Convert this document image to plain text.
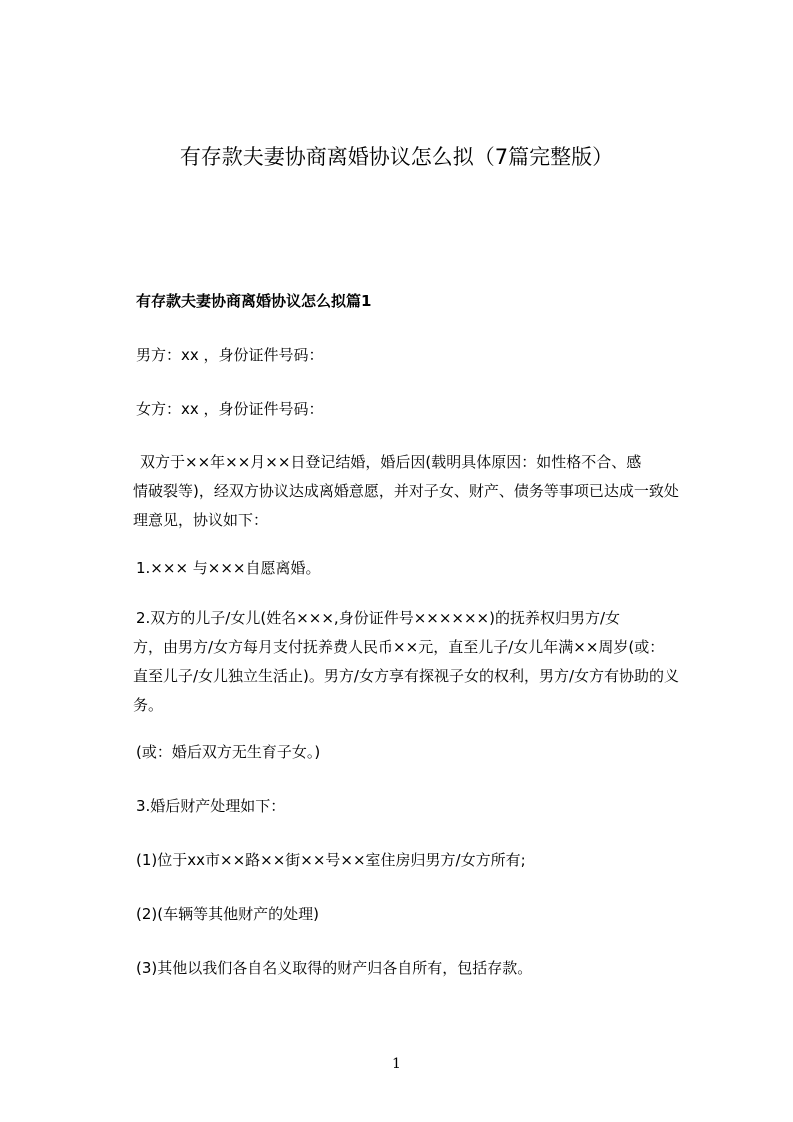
有存款夫妻协商离婚协议怎么拟（7篇完整版）
有存款夫妻协商离婚协议怎么拟篇1
男方：xx ，身份证件号码：
女方：xx ，身份证件号码：
双方于××年××月××日登记结婚，婚后因(载明具体原因：如性格不合、感
情破裂等)，经双方协议达成离婚意愿，并对子女、财产、债务等事项已达成一致处
理意见，协议如下：
1.××× 与×××自愿离婚。
2.双方的儿子/女儿(姓名×××,身份证件号××××××)的抚养权归男方/女
方，由男方/女方每月支付抚养费人民币××元，直至儿子/女儿年满××周岁(或：
直至儿子/女儿独立生活止)。男方/女方享有探视子女的权利，男方/女方有协助的义
务。
(或：婚后双方无生育子女。)
3.婚后财产处理如下：
(1)位于xx市××路××街××号××室住房归男方/女方所有;
(2)(车辆等其他财产的处理)
(3)其他以我们各自名义取得的财产归各自所有，包括存款。
1
